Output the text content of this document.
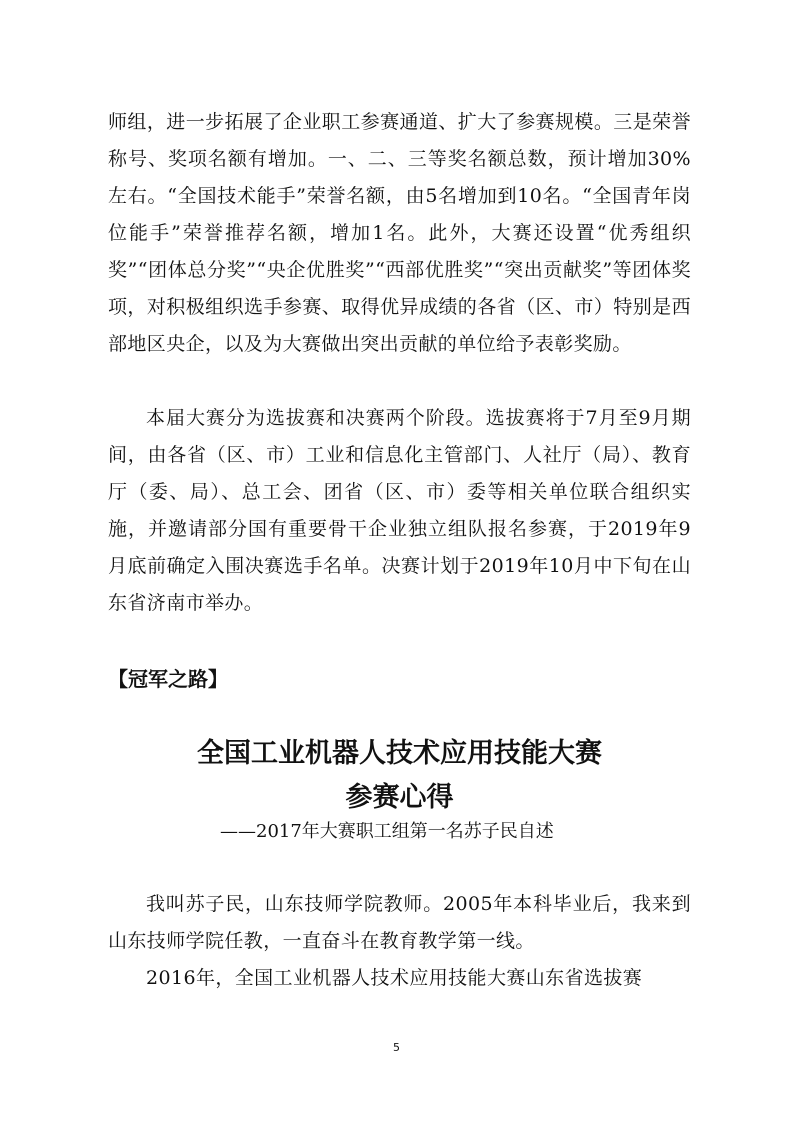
师组，进一步拓展了企业职工参赛通道、扩大了参赛规模。三是荣誉称号、奖项名额有增加。一、二、三等奖名额总数，预计增加30%左右。“全国技术能手”荣誉名额，由5名增加到10名。“全国青年岗位能手”荣誉推荐名额，增加1名。此外，大赛还设置“优秀组织奖”“团体总分奖”“央企优胜奖”“西部优胜奖”“突出贡献奖”等团体奖项，对积极组织选手参赛、取得优异成绩的各省（区、市）特别是西部地区央企，以及为大赛做出突出贡献的单位给予表彰奖励。

本届大赛分为选拔赛和决赛两个阶段。选拔赛将于7月至9月期间，由各省（区、市）工业和信息化主管部门、人社厅（局）、教育厅（委、局）、总工会、团省（区、市）委等相关单位联合组织实施，并邀请部分国有重要骨干企业独立组队报名参赛，于2019年9月底前确定入围决赛选手名单。决赛计划于2019年10月中下旬在山东省济南市举办。

【冠军之路】
全国工业机器人技术应用技能大赛
参赛心得
——2017年大赛职工组第一名苏子民自述

我叫苏子民，山东技师学院教师。2005年本科毕业后，我来到山东技师学院任教，一直奋斗在教育教学第一线。

2016年，全国工业机器人技术应用技能大赛山东省选拔赛

5
